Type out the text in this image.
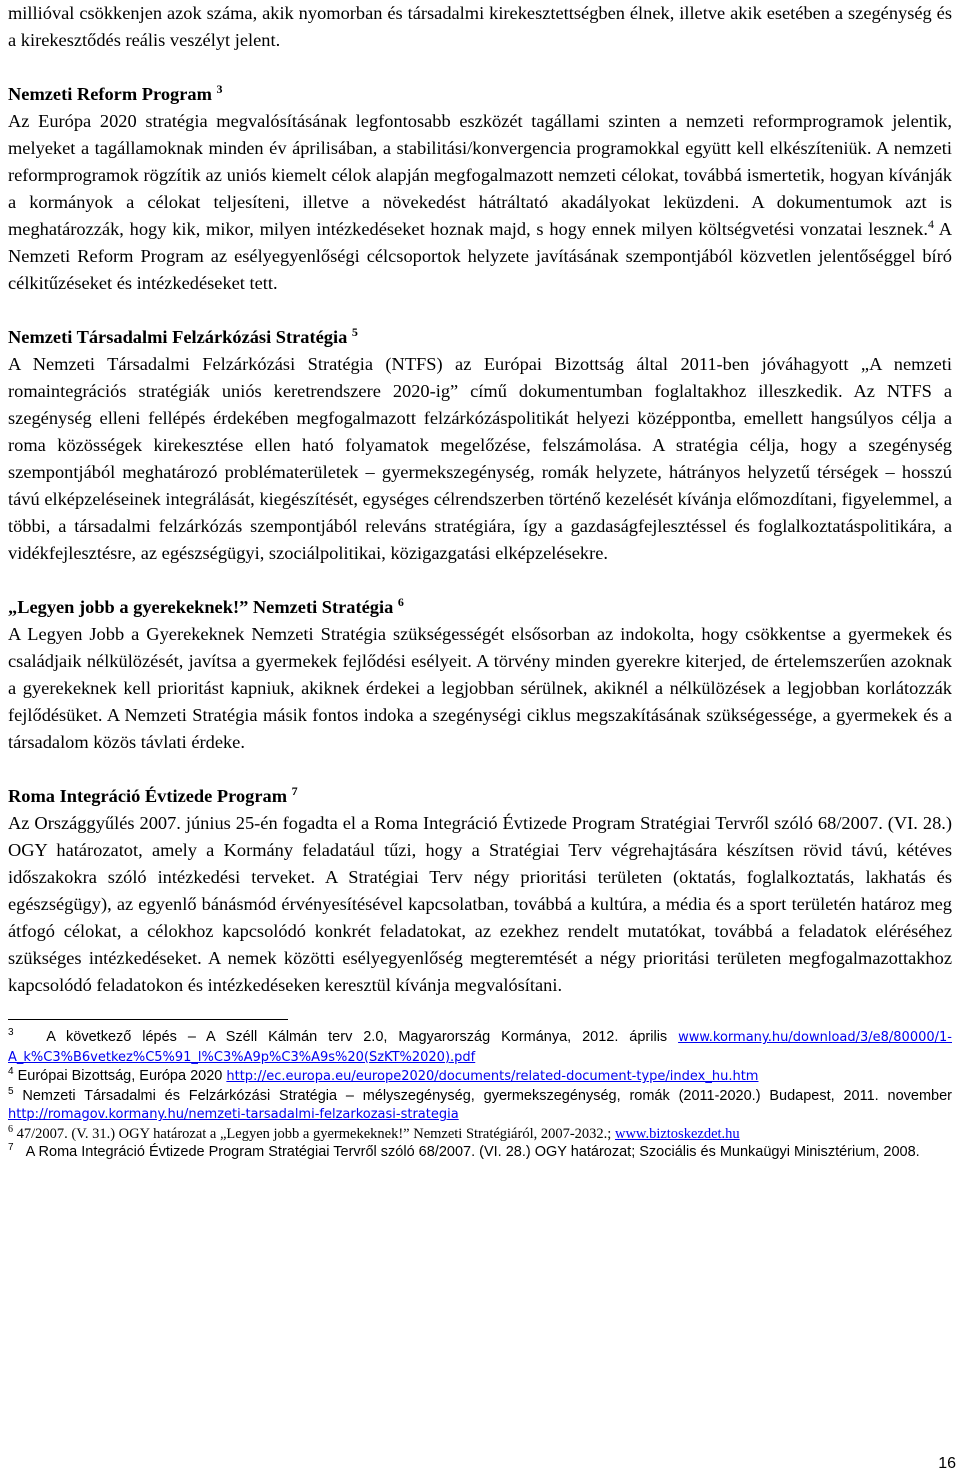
millióval csökkenjen azok száma, akik nyomorban és társadalmi kirekesztettségben élnek, illetve akik esetében a szegénység és a kirekesztődés reális veszélyt jelent.

Nemzeti Reform Program $^3$

Az Európa 2020 stratégia megvalósításának legfontosabb eszközét tagállami szinten a nemzeti reformprogramok jelentik, melyeket a tagállamoknak minden év áprilisában, a stabilitási/konvergencia programokkal együtt kell elkészíteniük. A nemzeti reformprogramok rögzítik az uniós kiemelt célok alapján megfogalmazott nemzeti célokat, továbbá ismertetik, hogyan kívánják a kormányok a célokat teljesíteni, illetve a növekedést hátráltató akadályokat leküzdeni. A dokumentumok azt is meghatározzák, hogy kik, mikor, milyen intézkedéseket hoznak majd, s hogy ennek milyen költségvetési vonzatai lesznek.$^4$ A Nemzeti Reform Program az esélyegyenlőségi célcsoportok helyzete javításának szempontjából közvetlen jelentőséggel bíró célkitűzéseket és intézkedéseket tett.

Nemzeti Társadalmi Felzárkózási Stratégia $^5$

A Nemzeti Társadalmi Felzárkózási Stratégia (NTFS) az Európai Bizottság által 2011-ben jóváhagyott „A nemzeti romaintegrációs stratégiák uniós keretrendszere 2020-ig” című dokumentumban foglaltakhoz illeszkedik. Az NTFS a szegénység elleni fellépés érdekében megfogalmazott felzárkózáspolitikát helyezi középpontba, emellett hangsúlyos célja a roma közösségek kirekesztése ellen ható folyamatok megelőzése, felszámolása. A stratégia célja, hogy a szegénység szempontjából meghatározó problématerületek – gyermekszegénység, romák helyzete, hátrányos helyzetű térségek – hosszú távú elképzeléseinek integrálását, kiegészítését, egységes célrendszerben történő kezelését kívánja előmozdítani, figyelemmel, a többi, a társadalmi felzárkózás szempontjából releváns stratégiára, így a gazdaságfejlesztéssel és foglalkoztatáspolitikára, a vidékfejlesztésre, az egészségügyi, szociálpolitikai, közigazgatási elképzelésekre.

„Legyen jobb a gyerekeknek!” Nemzeti Stratégia $^6$

A Legyen Jobb a Gyerekeknek Nemzeti Stratégia szükségességét elsősorban az indokolta, hogy csökkentse a gyermekek és családjaik nélkülözését, javítsa a gyermekek fejlődési esélyeit. A törvény minden gyerekre kiterjed, de értelemszerűen azoknak a gyerekeknek kell prioritást kapniuk, akiknek érdekei a legjobban sérülnek, akiknél a nélkülözések a legjobban korlátozzák fejlődésüket. A Nemzeti Stratégia másik fontos indoka a szegénységi ciklus megszakításának szükségessége, a gyermekek és a társadalom közös távlati érdeke.

Roma Integráció Évtizede Program $^7$

Az Országgyűlés 2007. június 25-én fogadta el a Roma Integráció Évtizede Program Stratégiai Tervről szóló 68/2007. (VI. 28.) OGY határozatot, amely a Kormány feladatául tűzi, hogy a Stratégiai Terv végrehajtására készítsen rövid távú, kétéves időszakokra szóló intézkedési terveket. A Stratégiai Terv négy prioritási területen (oktatás, foglalkoztatás, lakhatás és egészségügy), az egyenlő bánásmód érvényesítésével kapcsolatban, továbbá a kultúra, a média és a sport területén határoz meg átfogó célokat, a célokhoz kapcsolódó konkrét feladatokat, az ezekhez rendelt mutatókat, továbbá a feladatok eléréséhez szükséges intézkedéseket. A nemek közötti esélyegyenlőség megteremtését a négy prioritási területen megfogalmazottakhoz kapcsolódó feladatokon és intézkedéseken keresztül kívánja megvalósítani.

$^3$ A következő lépés – A Széll Kálmán terv 2.0, Magyarország Kormánya, 2012. április www.kormany.hu/download/3/e8/80000/1-A_k%C3%B6vetkez%C5%91_l%C3%A9p%C3%A9s%20(SzKT%2020).pdf

$^4$ Európai Bizottság, Európa 2020 http://ec.europa.eu/europe2020/documents/related-document-type/index_hu.htm

$^5$ Nemzeti Társadalmi és Felzárkózási Stratégia – mélyszegénység, gyermekszegénység, romák (2011-2020.) Budapest, 2011. november http://romagov.kormany.hu/nemzeti-tarsadalmi-felzarkozasi-strategia

$^6$ 47/2007. (V. 31.) OGY határozat a „Legyen jobb a gyermekeknek!” Nemzeti Stratégiáról, 2007-2032.; www.biztoskezdet.hu

$^7$ A Roma Integráció Évtizede Program Stratégiai Tervről szóló 68/2007. (VI. 28.) OGY határozat; Szociális és Munkaügyi Minisztérium, 2008.

16
